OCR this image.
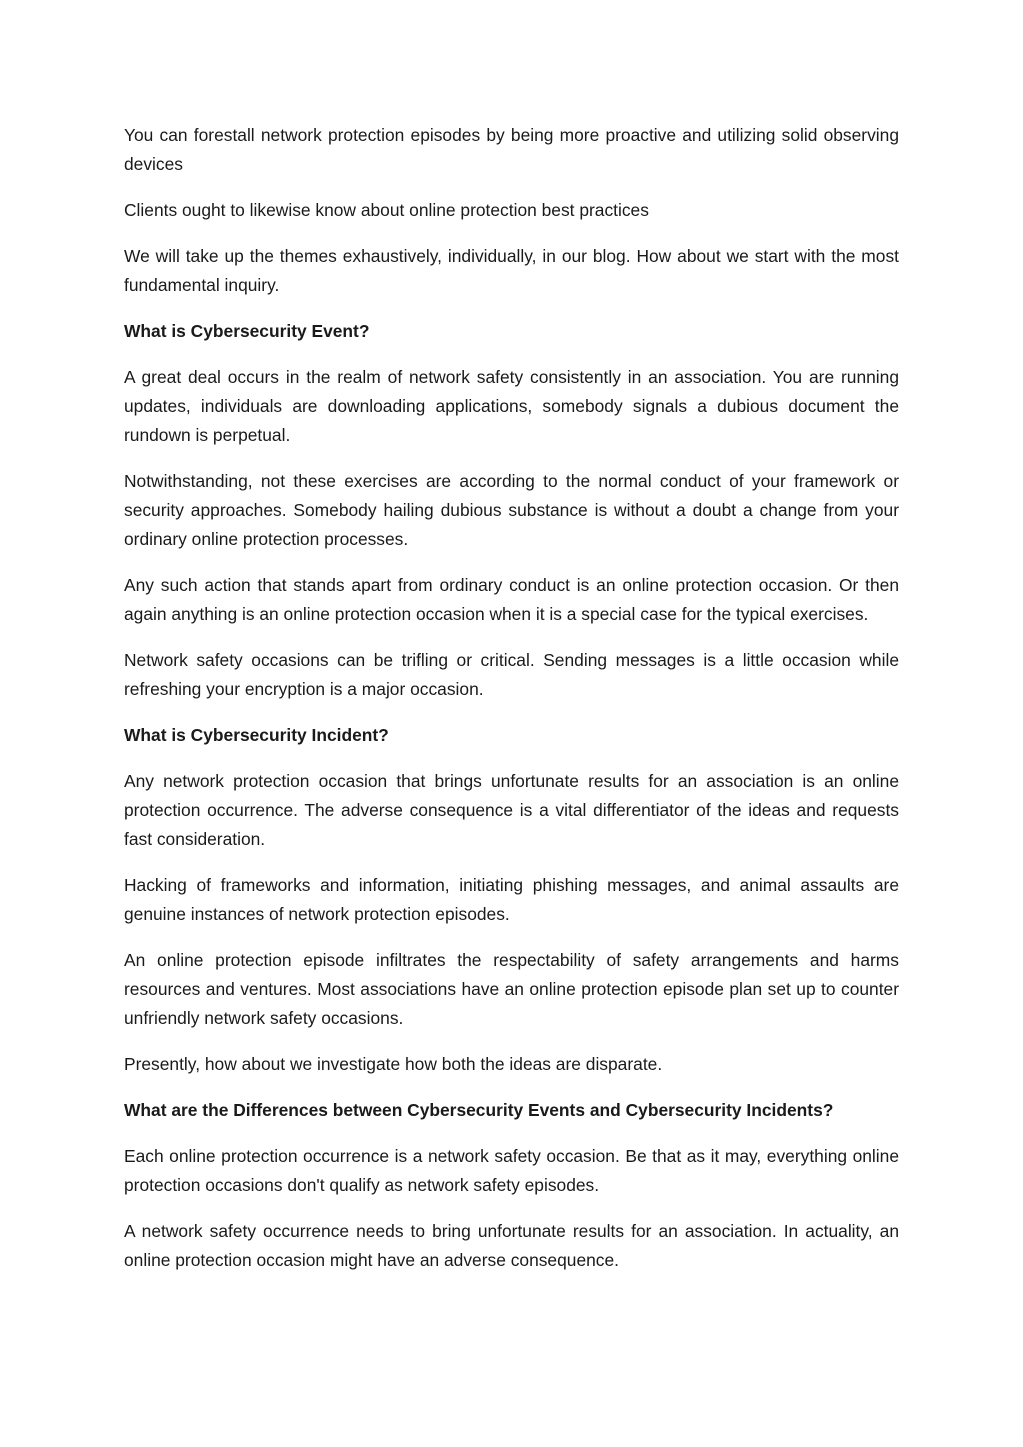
You can forestall network protection episodes by being more proactive and utilizing solid observing devices

Clients ought to likewise know about online protection best practices

We will take up the themes exhaustively, individually, in our blog. How about we start with the most fundamental inquiry.

What is Cybersecurity Event?

A great deal occurs in the realm of network safety consistently in an association. You are running updates, individuals are downloading applications, somebody signals a dubious document the rundown is perpetual.

Notwithstanding, not these exercises are according to the normal conduct of your framework or security approaches. Somebody hailing dubious substance is without a doubt a change from your ordinary online protection processes.

Any such action that stands apart from ordinary conduct is an online protection occasion. Or then again anything is an online protection occasion when it is a special case for the typical exercises.

Network safety occasions can be trifling or critical. Sending messages is a little occasion while refreshing your encryption is a major occasion.

What is Cybersecurity Incident?

Any network protection occasion that brings unfortunate results for an association is an online protection occurrence. The adverse consequence is a vital differentiator of the ideas and requests fast consideration.

Hacking of frameworks and information, initiating phishing messages, and animal assaults are genuine instances of network protection episodes.

An online protection episode infiltrates the respectability of safety arrangements and harms resources and ventures. Most associations have an online protection episode plan set up to counter unfriendly network safety occasions.

Presently, how about we investigate how both the ideas are disparate.

What are the Differences between Cybersecurity Events and Cybersecurity Incidents?

Each online protection occurrence is a network safety occasion. Be that as it may, everything online protection occasions don't qualify as network safety episodes.

A network safety occurrence needs to bring unfortunate results for an association. In actuality, an online protection occasion might have an adverse consequence.
